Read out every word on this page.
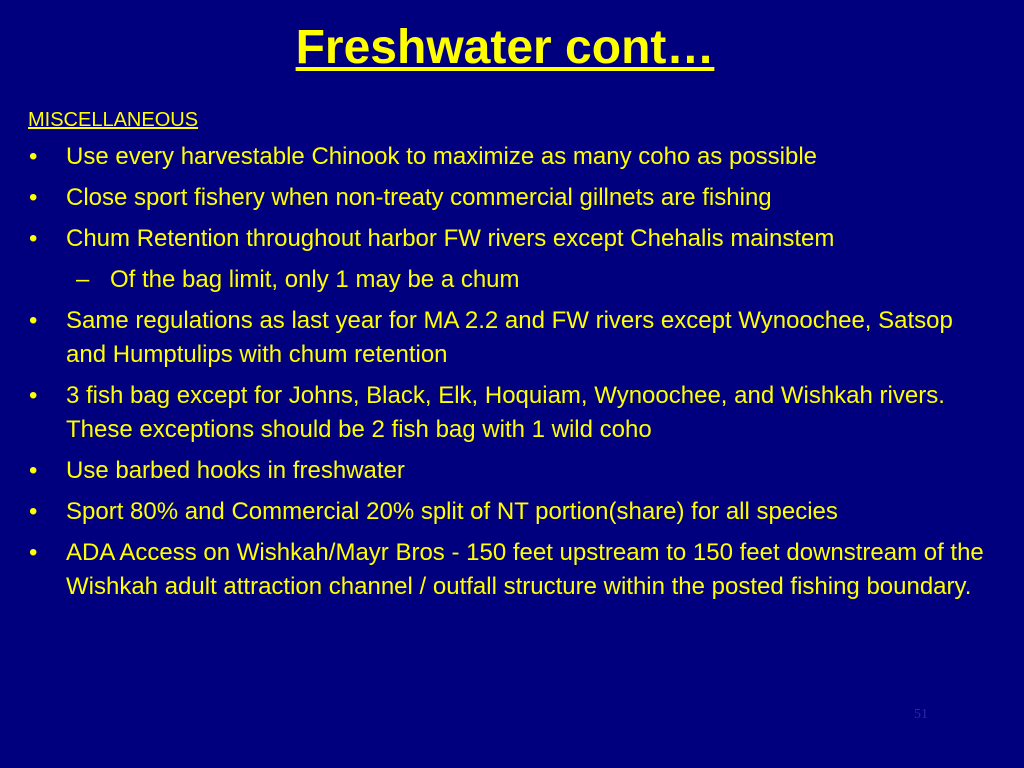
Freshwater cont…
MISCELLANEOUS
• Use every harvestable Chinook to maximize as many coho as possible
• Close sport fishery when non-treaty commercial gillnets are fishing
• Chum Retention throughout harbor FW rivers except Chehalis mainstem
– Of the bag limit, only 1 may be a chum
• Same regulations as last year for MA 2.2 and FW rivers except Wynoochee, Satsop and Humptulips with chum retention
• 3 fish bag except for Johns, Black, Elk, Hoquiam, Wynoochee, and Wishkah rivers. These exceptions should be 2 fish bag with 1 wild coho
• Use barbed hooks in freshwater
• Sport 80% and Commercial 20% split of NT portion(share) for all species
• ADA Access on Wishkah/Mayr Bros - 150 feet upstream to 150 feet downstream of the Wishkah adult attraction channel / outfall structure within the posted fishing boundary.
51
